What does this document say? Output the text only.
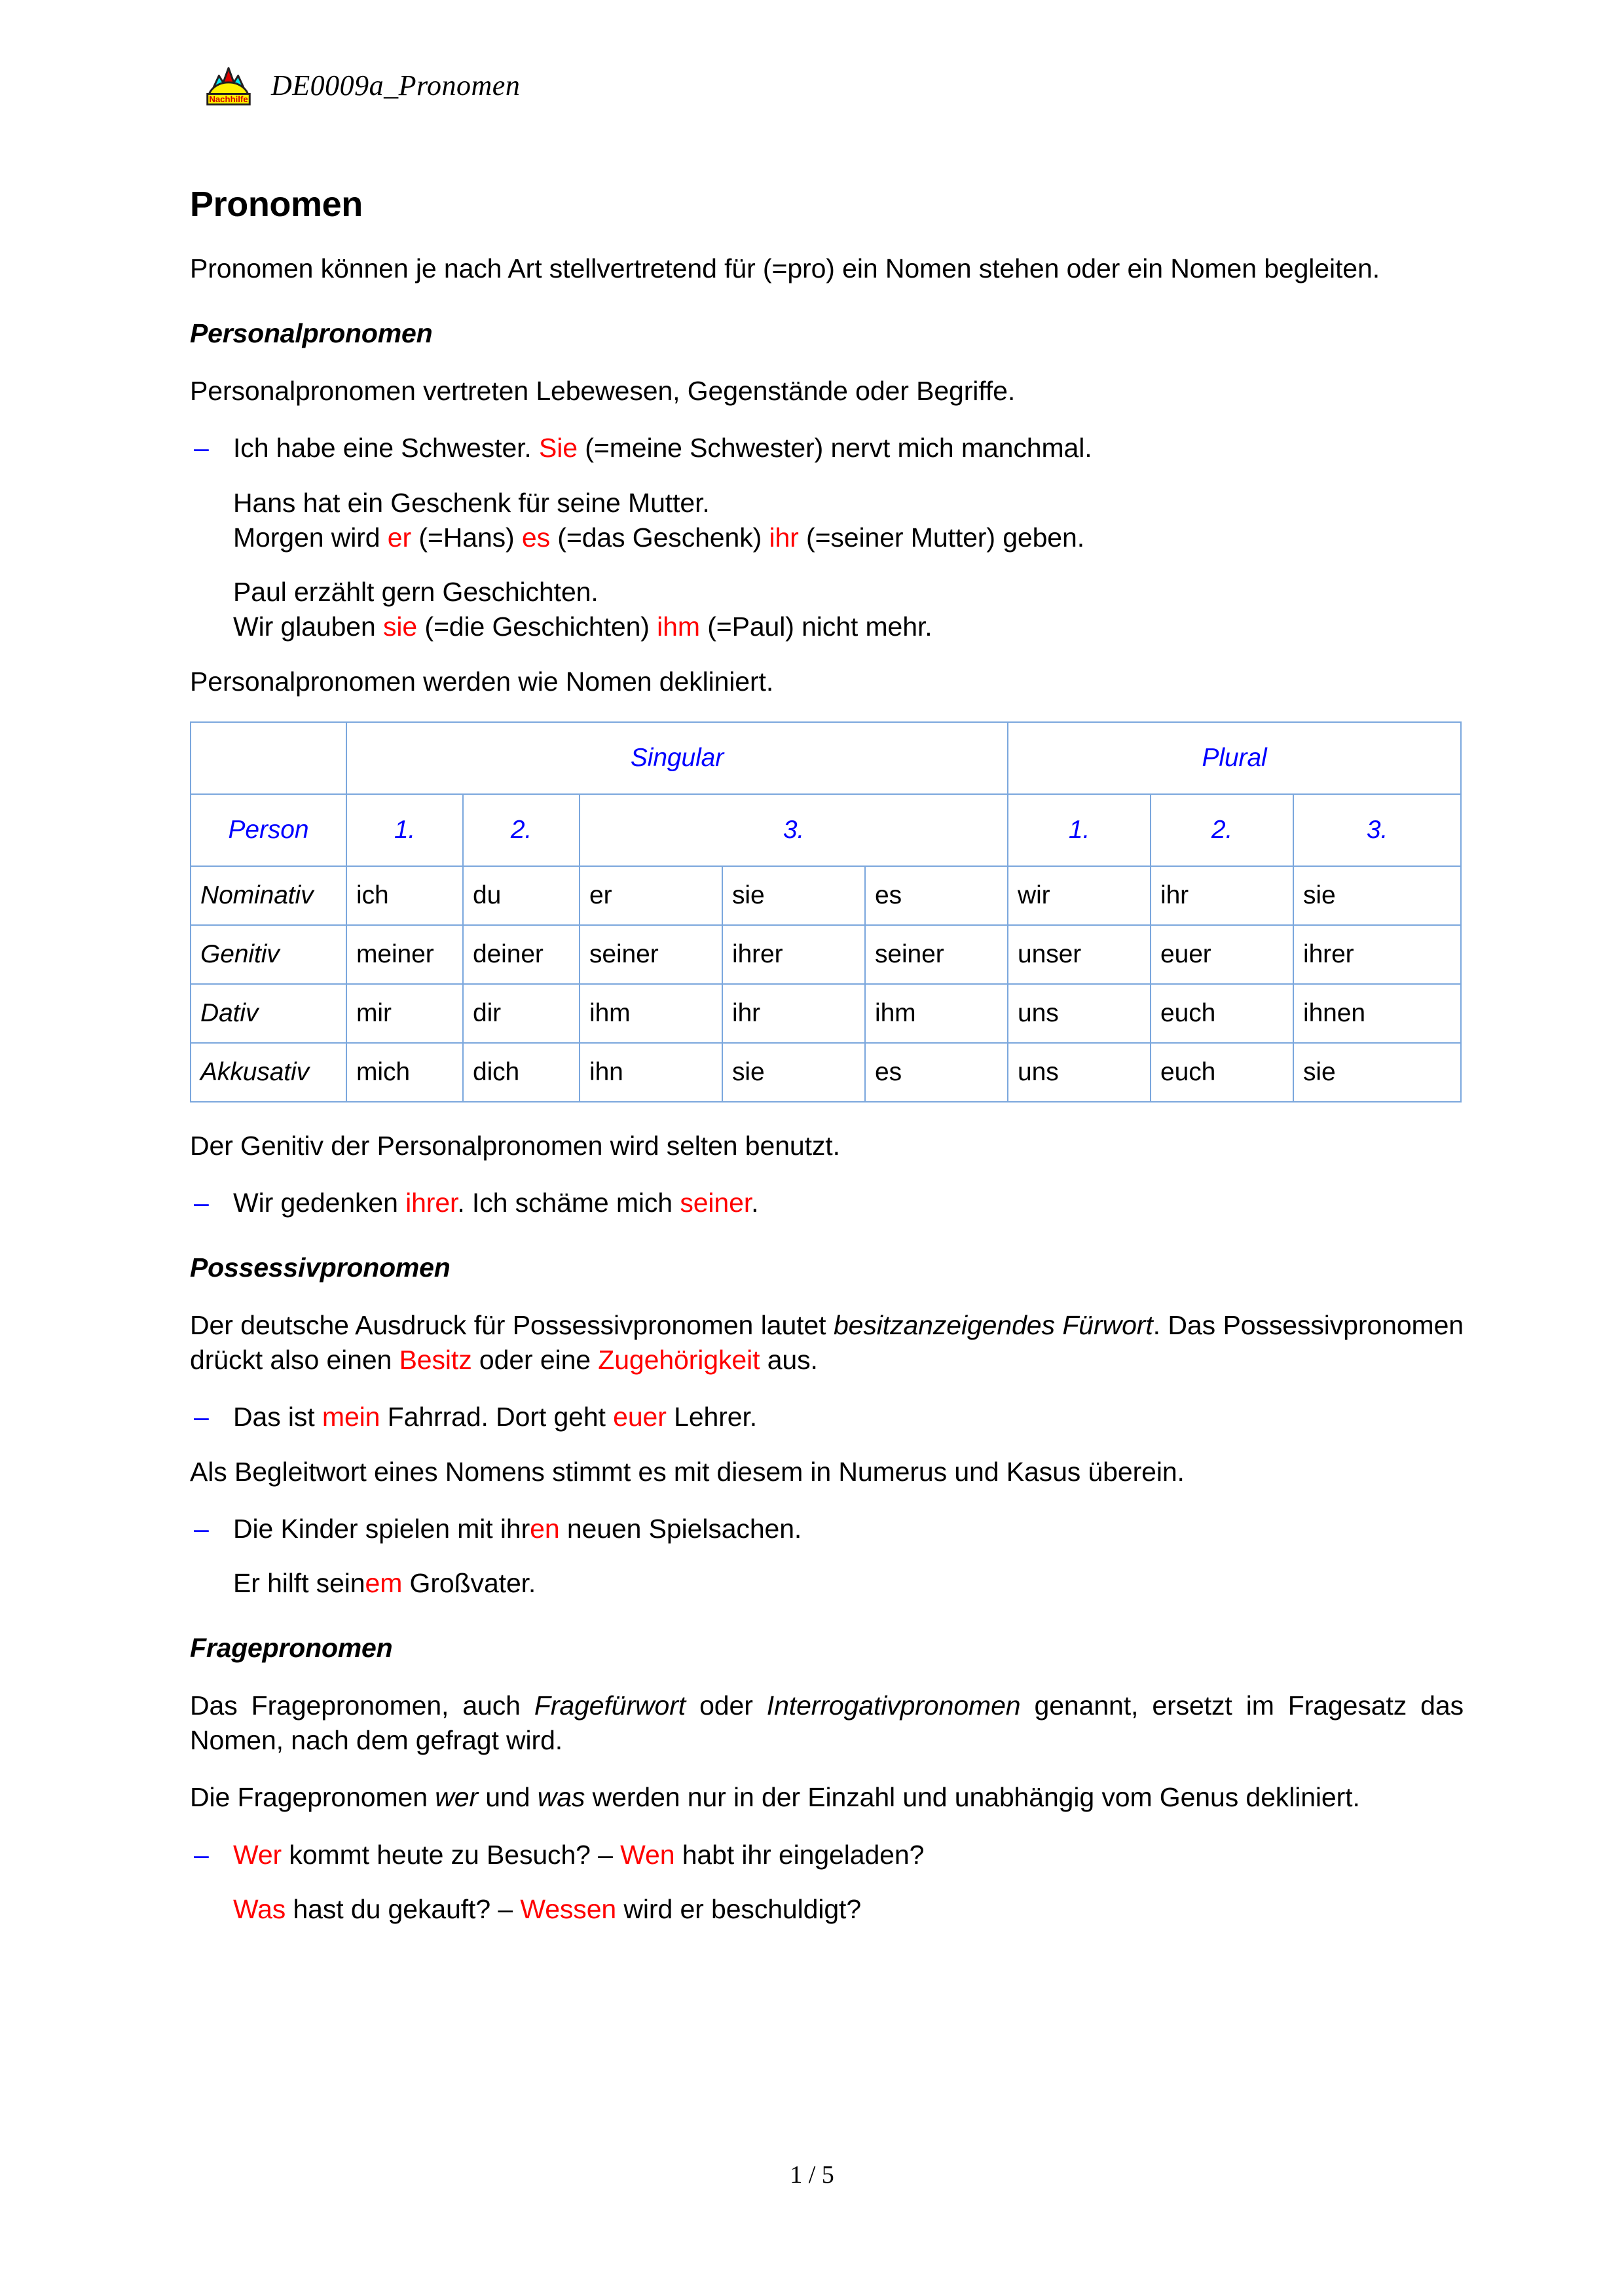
Nachhilfe DE0009a_Pronomen
Pronomen

Pronomen können je nach Art stellvertretend für (=pro) ein Nomen stehen oder ein Nomen begleiten.

Personalpronomen

Personalpronomen vertreten Lebewesen, Gegenstände oder Begriffe.

– Ich habe eine Schwester. Sie (=meine Schwester) nervt mich manchmal.
Hans hat ein Geschenk für seine Mutter.
Morgen wird er (=Hans) es (=das Geschenk) ihr (=seiner Mutter) geben.
Paul erzählt gern Geschichten.
Wir glauben sie (=die Geschichten) ihm (=Paul) nicht mehr.

Personalpronomen werden wie Nomen dekliniert.

	Singular					Plural		
Person	1.	2.	3.			1.	2.	3.
Nominativ	ich	du	er	sie	es	wir	ihr	sie
Genitiv	meiner	deiner	seiner	ihrer	seiner	unser	euer	ihrer
Dativ	mir	dir	ihm	ihr	ihm	uns	euch	ihnen
Akkusativ	mich	dich	ihn	sie	es	uns	euch	sie

Der Genitiv der Personalpronomen wird selten benutzt.

– Wir gedenken ihrer. Ich schäme mich seiner.
Possessivpronomen

Der deutsche Ausdruck für Possessivpronomen lautet besitzanzeigendes Fürwort. Das Possessivpronomen drückt also einen Besitz oder eine Zugehörigkeit aus.

– Das ist mein Fahrrad. Dort geht euer Lehrer.

Als Begleitwort eines Nomens stimmt es mit diesem in Numerus und Kasus überein.

– Die Kinder spielen mit ihren neuen Spielsachen.
Er hilft seinem Großvater.
Fragepronomen

Das Fragepronomen, auch Fragefürwort oder Interrogativpronomen genannt, ersetzt im Fragesatz das Nomen, nach dem gefragt wird.

Die Fragepronomen wer und was werden nur in der Einzahl und unabhängig vom Genus dekliniert.

– Wer kommt heute zu Besuch? – Wen habt ihr eingeladen?
Was hast du gekauft? – Wessen wird er beschuldigt?
1 / 5
